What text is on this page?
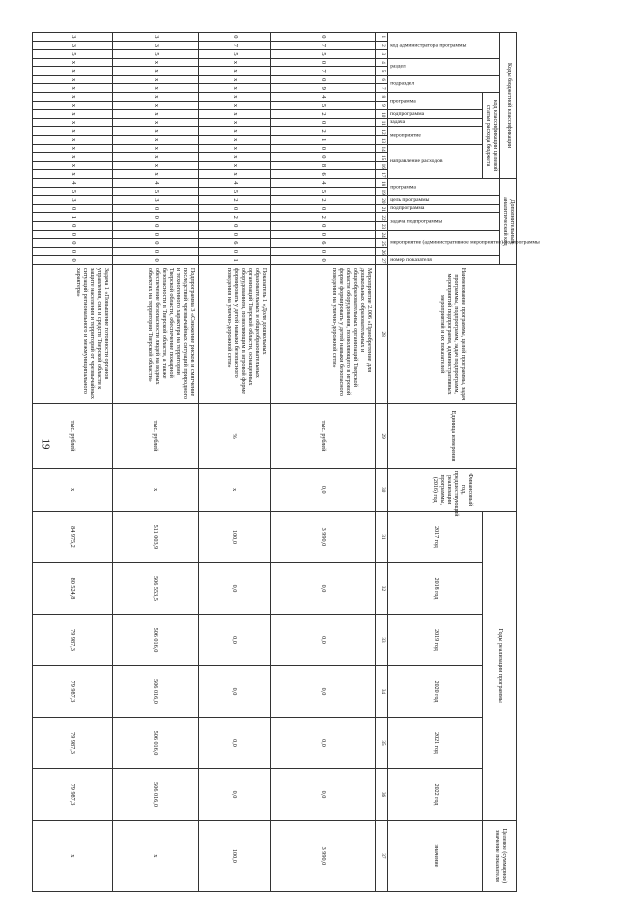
19
Коды бюджетной классификации																	Дополнительный аналитический код										Наименование программы, целей программы, задач программы, подпрограмм, задач подпрограмм, мероприятий подпрограмм, административных мероприятий и их показателей	Единица измерения	Финансовый год, предшествующий реализации программы, (2016) год	Годы реализации программы						Целевое (суммарное) значение показателя
код администратора программы			раздел		подраздел		код классификации целевой статьи расхода бюджета										программа		цель программы	подпрограмма	задача подпрограммы		мероприятие (административное мероприятие) подпрограммы			номер показателя										
							программа		подпрограмма	задача	мероприятие		направление расходов																	2017 год	2018 год	2019 год	2020 год	2021 год	2022 год	значение
1	2	3	4	5	6	7	8	9	10	11	12	13	14	15	16	17	18	19	20	21	22	23	24	25	26	27	28	29	30	31	32	33	34	35	36	37
0	7	5	0	7	0	9	4	5	2	0	2	1	0	0	8	6	4	5	2	0	2	0	0	6	0	0	Мероприятие 2.006 «Приобретение для дошкольных образовательных и общеобразовательных организаций Тверской области оборудования, позволяющего в игровой форме формировать у детей навыки безопасного поведения на улично-дорожной сети»	тыс. рублей	0,0	3 990,0	0,0	0,0	0,0	0,0	0,0	3 990,0
0	7	5	x	x	x	x	x	x	x	x	x	x	x	x	x	x	4	5	2	0	2	0	0	6	0	1	Показатель 1 «Доля дошкольных образовательных и общеобразовательных организаций Тверской области, оснащенных оборудованием, позволяющим в игровой форме формировать у детей навыки безопасного поведения на улично-дорожной сети»	%	x	100,0	0,0	0,0	0,0	0,0	0,0	100,0
3	3	5	x	x	x	x	x	x	x	x	x	x	x	x	x	x	4	5	3	0	0	0	0	0	0	0	Подпрограмма 3 «Снижение рисков и смягчение последствий чрезвычайных ситуаций природного и техногенного характера на территории Тверской области, обеспечение пожарной безопасности в Тверской области, а также обеспечение безопасности людей на водных объектах на территории Тверской области»	тыс. рублей	x	511 003,9	506 553,5	506 016,0	506 016,0	506 016,0	506 016,0	x
3	3	5	x	x	x	x	x	x	x	x	x	x	x	x	x	x	4	5	3	0	1	0	0	0	0	0	Задача 1 «Повышение готовности органов управления, сил и средств Тверской области к защите населения и территорий от чрезвычайных ситуаций регионального и межмуниципального характера»	тыс. рублей	x	84 975,2	80 524,8	79 987,3	79 987,3	79 987,3	79 987,3	x
